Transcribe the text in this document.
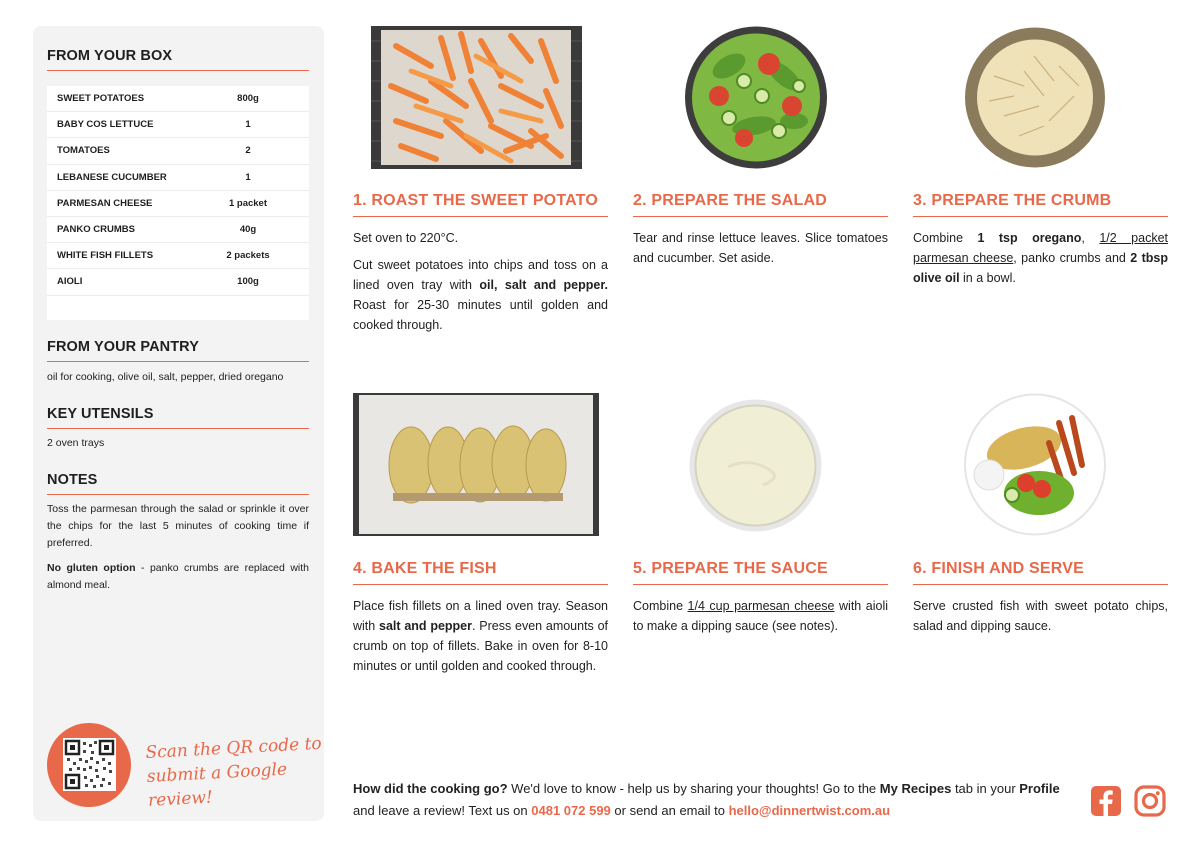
FROM YOUR BOX
SWEET POTATOES	800g
BABY COS LETTUCE	1
TOMATOES	2
LEBANESE CUCUMBER	1
PARMESAN CHEESE	1 packet
PANKO CRUMBS	40g
WHITE FISH FILLETS	2 packets
AIOLI	100g
FROM YOUR PANTRY
oil for cooking, olive oil, salt, pepper, dried oregano
KEY UTENSILS
2 oven trays
NOTES
Toss the parmesan through the salad or sprinkle it over the chips for the last 5 minutes of cooking time if preferred.
No gluten option - panko crumbs are replaced with almond meal.
Scan the QR code to
submit a Google review!
1. ROAST THE SWEET POTATO

Set oven to 220°C.

Cut sweet potatoes into chips and toss on a lined oven tray with oil, salt and pepper. Roast for 25-30 minutes until golden and cooked through.

2. PREPARE THE SALAD

Tear and rinse lettuce leaves. Slice tomatoes and cucumber. Set aside.

3. PREPARE THE CRUMB

Combine 1 tsp oregano, 1/2 packet parmesan cheese, panko crumbs and 2 tbsp olive oil in a bowl.

4. BAKE THE FISH

Place fish fillets on a lined oven tray. Season with salt and pepper. Press even amounts of crumb on top of fillets. Bake in oven for 8-10 minutes or until golden and cooked through.

5. PREPARE THE SAUCE

Combine 1/4 cup parmesan cheese with aioli to make a dipping sauce (see notes).

6. FINISH AND SERVE

Serve crusted fish with sweet potato chips, salad and dipping sauce.

How did the cooking go? We'd love to know - help us by sharing your thoughts! Go to the My Recipes tab in your Profile and leave a review! Text us on 0481 072 599 or send an email to hello@dinnertwist.com.au
